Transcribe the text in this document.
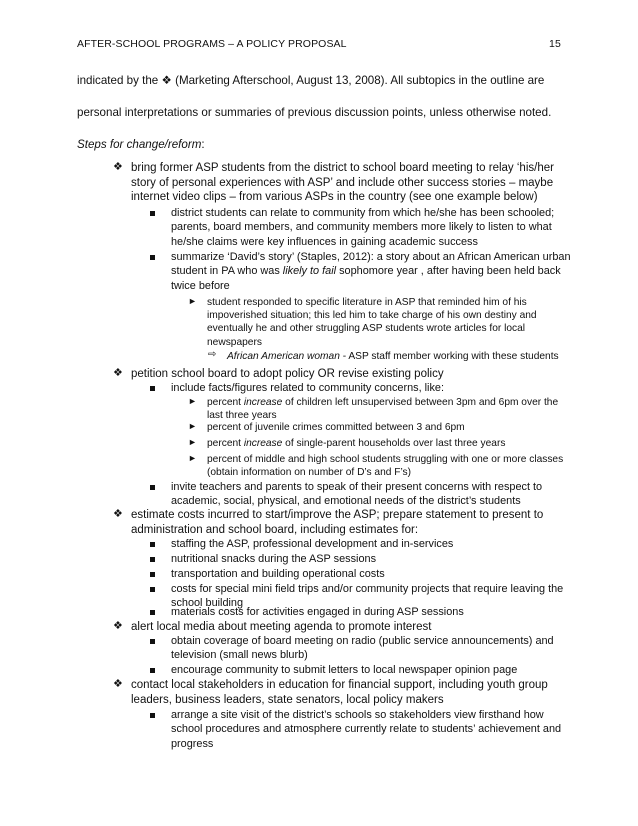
AFTER-SCHOOL PROGRAMS – A POLICY PROPOSAL	15
indicated by the ❖ (Marketing Afterschool, August 13, 2008). All subtopics in the outline are
personal interpretations or summaries of previous discussion points, unless otherwise noted.
Steps for change/reform:
❖ bring former ASP students from the district to school board meeting to relay ‘his/her
story of personal experiences with ASP’ and include other success stories – maybe
internet video clips – from various ASPs in the country (see one example below)
district students can relate to community from which he/she has been schooled;
parents, board members, and community members more likely to listen to what
he/she claims were key influences in gaining academic success
summarize ‘David’s story’ (Staples, 2012): a story about an African American urban
student in PA who was likely to fail sophomore year , after having been held back
twice before
► student responded to specific literature in ASP that reminded him of his
impoverished situation; this led him to take charge of his own destiny and
eventually he and other struggling ASP students wrote articles for local
newspapers
⇨ African American woman - ASP staff member working with these students
❖ petition school board to adopt policy OR revise existing policy
include facts/figures related to community concerns, like:
► percent increase of children left unsupervised between 3pm and 6pm over the
last three years
► percent of juvenile crimes committed between 3 and 6pm
► percent increase of single-parent households over last three years
► percent of middle and high school students struggling with one or more classes
(obtain information on number of D’s and F’s)
invite teachers and parents to speak of their present concerns with respect to
academic, social, physical, and emotional needs of the district’s students
❖ estimate costs incurred to start/improve the ASP; prepare statement to present to
administration and school board, including estimates for:
staffing the ASP, professional development and in-services
nutritional snacks during the ASP sessions
transportation and building operational costs
costs for special mini field trips and/or community projects that require leaving the
school building
materials costs for activities engaged in during ASP sessions
❖ alert local media about meeting agenda to promote interest
obtain coverage of board meeting on radio (public service announcements) and
television (small news blurb)
encourage community to submit letters to local newspaper opinion page
❖ contact local stakeholders in education for financial support, including youth group
leaders, business leaders, state senators, local policy makers
arrange a site visit of the district’s schools so stakeholders view firsthand how
school procedures and atmosphere currently relate to students’ achievement and
progress
